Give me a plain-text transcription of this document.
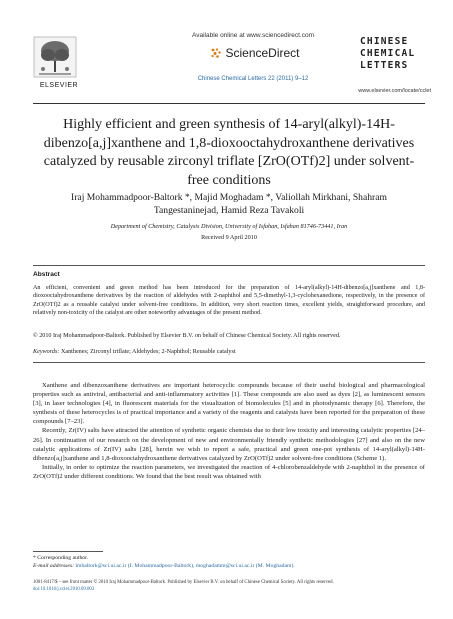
ELSEVIER
Available online at www.sciencedirect.com
ScienceDirect
Chinese Chemical Letters 22 (2011) 9–12
CHINESE
CHEMICAL
LETTERS
www.elsevier.com/locate/cclet
Highly efficient and green synthesis of 14-aryl(alkyl)-14H-dibenzo[a,j]xanthene and 1,8-dioxooctahydroxanthene derivatives catalyzed by reusable zirconyl triflate [ZrO(OTf)2] under solvent-free conditions
Iraj Mohammadpoor-Baltork *, Majid Moghadam *, Valiollah Mirkhani, Shahram Tangestaninejad, Hamid Reza Tavakoli
Department of Chemistry, Catalysis Division, University of Isfahan, Isfahan 81746-73441, Iran
Received 9 April 2010
Abstract
An efficient, convenient and green method has been introduced for the preparation of 14-aryl(alkyl)-14H-dibenzo[a,j]xanthene and 1,8-dioxooctahydroxanthene derivatives by the reaction of aldehydes with 2-naphthol and 5,5-dimethyl-1,3-cyclohexanedione, respectively, in the presence of ZrO(OTf)2 as a reusable catalyst under solvent-free conditions. In addition, very short reaction times, excellent yields, straightforward procedure, and relatively non-toxicity of the catalyst are other noteworthy advantages of the present method.
© 2010 Iraj Mohammadpoor-Baltork. Published by Elsevier B.V. on behalf of Chinese Chemical Society. All rights reserved.
Keywords: Xanthenes; Zirconyl triflate; Aldehydes; 2-Naphthol; Reusable catalyst

Xanthene and dibenzoxanthene derivatives are important heterocyclic compounds because of their useful biological and pharmacological properties such as antiviral, antibacterial and anti-inflammatory activities [1]. These compounds are also used as dyes [2], as luminescent sensors [3], in laser technologies [4], in fluorescent materials for the visualization of biomolecules [5] and in photodynamic therapy [6]. Therefore, the synthesis of these heterocycles is of practical importance and a variety of the reagents and catalysts have been reported for the preparation of these compounds [7–23].

Recently, Zr(IV) salts have attracted the attention of synthetic organic chemists due to their low toxicity and interesting catalytic properties [24–26]. In continuation of our research on the development of new and environmentally friendly synthetic methodologies [27] and also on the new catalytic applications of Zr(IV) salts [28], herein we wish to report a safe, practical and green one-pot synthesis of 14-aryl(alkyl)-14H-dibenzo[a,j]xanthene and 1,8-dioxooctahydroxanthene derivatives catalyzed by ZrO(OTf)2 under solvent-free conditions (Scheme 1).

Initially, in order to optimize the reaction parameters, we investigated the reaction of 4-chlorobenzaldehyde with 2-naphthol in the presence of ZrO(OTf)2 under different conditions. We found that the best result was obtained with

* Corresponding author.
E-mail addresses: imbaltork@sci.ui.ac.ir (I. Mohammadpoor-Baltork), moghadamm@sci.ui.ac.ir (M. Moghadam).
1001-8417/$ – see front matter © 2010 Iraj Mohammadpoor-Baltork. Published by Elsevier B.V. on behalf of Chinese Chemical Society. All rights reserved.
doi:10.1016/j.cclet.2010.09.003
